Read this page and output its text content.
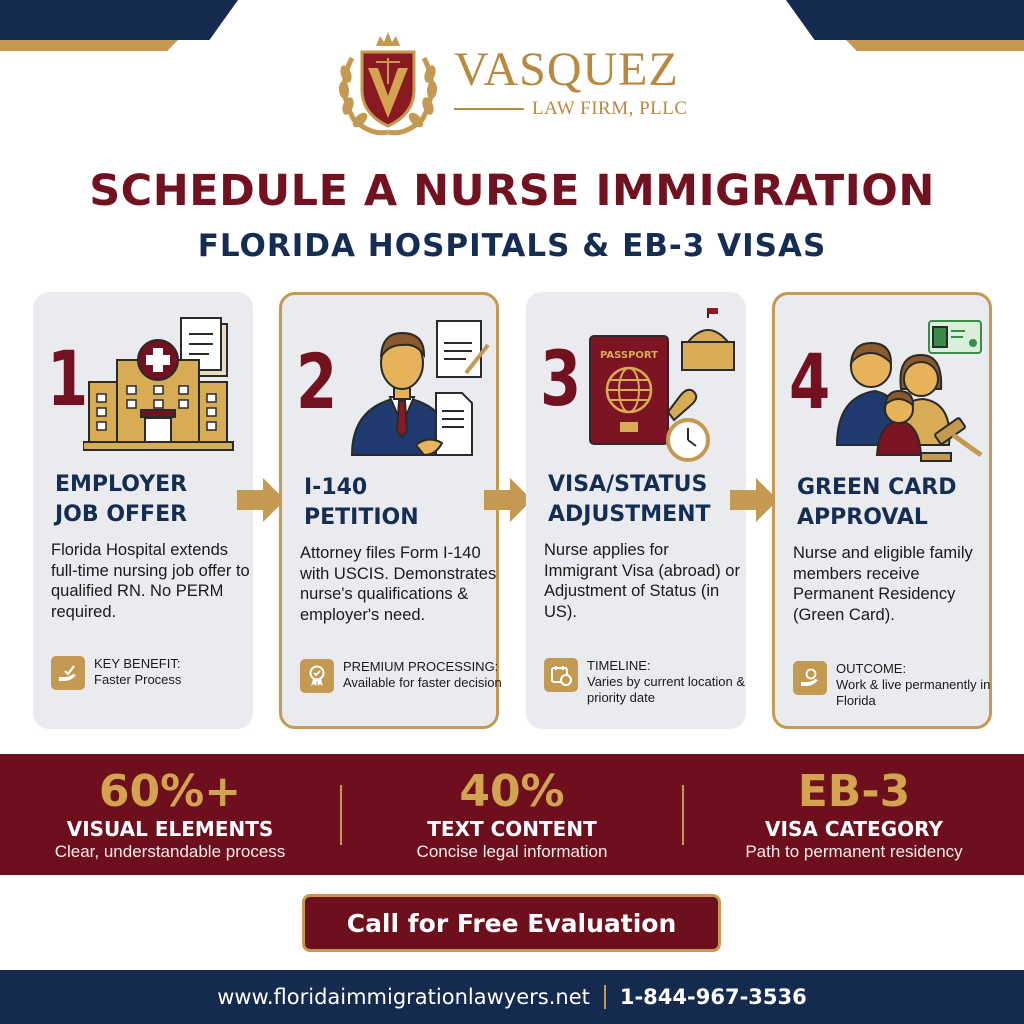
VASQUEZ
LAW FIRM, PLLC
SCHEDULE A NURSE IMMIGRATION
FLORIDA HOSPITALS & EB-3 VISAS
1
EMPLOYER
JOB OFFER

Florida Hospital extends full-time nursing job offer to qualified RN. No PERM required.

KEY BENEFIT:
Faster Process
2
I-140
PETITION

Attorney files Form I-140 with USCIS. Demonstrates nurse's qualifications & employer's need.

PREMIUM PROCESSING:
Available for faster decision
3 PASSPORT
VISA/STATUS
ADJUSTMENT

Nurse applies for Immigrant Visa (abroad) or Adjustment of Status (in US).

TIMELINE:
Varies by current location & priority date
4
GREEN CARD
APPROVAL

Nurse and eligible family members receive Permanent Residency (Green Card).

OUTCOME:
Work & live permanently in Florida
60%+
VISUAL ELEMENTS
Clear, understandable process
40%
TEXT CONTENT
Concise legal information
EB-3
VISA CATEGORY
Path to permanent residency
Call for Free Evaluation
www.floridaimmigrationlawyers.net 1-844-967-3536
